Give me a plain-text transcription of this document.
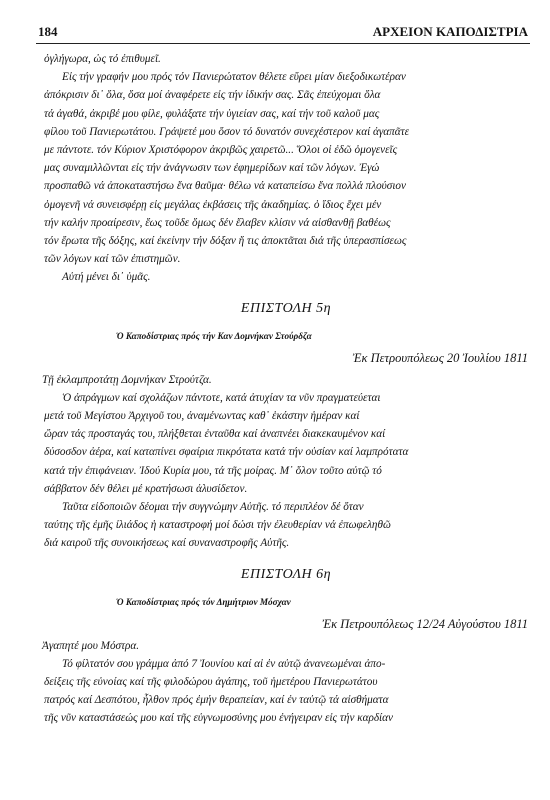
184	ΑΡΧΕΙΟΝ ΚΑΠΟΔΙΣΤΡΙΑ
ὀγλήγωρα, ὡς τό ἐπιθυμεῖ.
Εἰς τήν γραφήν μου πρός τόν Πανιερώτατον θέλετε εὕρει μίαν διεξοδικωτέραν
ἀπόκρισιν δι᾿ ὅλα, ὅσα μοί ἀναφέρετε εἰς τήν ἰδικήν σας. Σᾶς ἐπεύχομαι ὅλα
τά ἀγαθά, ἀκριβέ μου φίλε, φυλάξατε τήν ὑγιείαν σας, καί τήν τοῦ καλοῦ μας
φίλου τοῦ Πανιερωτάτου. Γράψετέ μου ὅσον τό δυνατόν συνεχέστερον καί ἀγαπᾶτε
με πάντοτε. τόν Κύριον Χριστόφορον ἀκριβῶς χαιρετῶ... Ὅλοι οἱ ἐδῶ ὁμογενεῖς
μας συναμιλλῶνται εἰς τήν ἀνάγνωσιν των ἐφημερίδων καί τῶν λόγων. Ἐγώ
προσπαθῶ νά ἀποκαταστήσω ἕνα θαῦμα· θέλω νά καταπείσω ἕνα πολλά πλούσιον
ὁμογενῆ νά συνεισφέρῃ εἰς μεγάλας ἐκβάσεις τῆς ἀκαδημίας. ὁ ἴδιος ἔχει μέν
τήν καλήν προαίρεσιν, ἕως τοῦδε ὅμως δέν ἔλαβεν κλίσιν νά αἰσθανθῇ βαθέως
τόν ἔρωτα τῆς δόξης, καί ἐκείνην τήν δόξαν ἥ τις ἀποκτᾶται διά τῆς ὑπερασπίσεως
τῶν λόγων καί τῶν ἐπιστημῶν.
Αὐτή μένει δι᾿ ὑμᾶς.
ΕΠΙΣΤΟΛΗ 5η
Ὁ Καποδίστριας πρός τήν Καν Δομνήκαν Στούρδζα
Ἐκ Πετρουπόλεως 20 Ἰουλίου 1811
Τῇ ἐκλαμπροτάτῃ Δομνήκαν Στρούτζα.
Ὁ ἀπράγμων καί σχολάζων πάντοτε, κατά ἀτυχίαν τα νῦν πραγματεύεται
μετά τοῦ Μεγίστου Ἀρχιγοῦ του, ἀναμένωντας καθ᾿ ἑκάστην ἡμέραν καί
ὥραν τάς προσταγάς του, πλήξθεται ἐνταῦθα καί ἀναπνέει διακεκαυμένον καί
δύσοσδον ἀέρα, καί καταπίνει σφαίρια πικρότατα κατά τήν οὐσίαν καί λαμπρότατα
κατά τήν ἐπιφάνειαν. Ἰδού Κυρία μου, τά τῆς μοίρας. Μ᾿ ὅλον τοῦτο αὐτῷ τό
σάββατον δέν θέλει μέ κρατήσωσι ἀλυσίδετον.
Ταῦτα εἰδοποιῶν δέομαι τήν συγγνώμην Αὐτῆς. τό περιπλέον δέ ὅταν
ταύτης τῆς ἐμῆς ἰλιάδος ἡ καταστροφή μοί δώσι τήν ἐλευθερίαν νά ἐπωφεληθῶ
διά καιροῦ τῆς συνοικήσεως καί συναναστροφῆς Αὐτῆς.
ΕΠΙΣΤΟΛΗ 6η
Ὁ Καποδίστριας πρός τόν Δημήτριον Μόσχαν
Ἐκ Πετρουπόλεως 12/24 Αὐγούστου 1811
Ἀγαπητέ μου Μόστρα.
Τό φίλτατόν σου γράμμα ἀπό 7 Ἰουνίου καί αἱ ἐν αὐτῷ ἀνανεωμέναι ἀπο-
δείξεις τῆς εὐνοίας καί τῆς φιλοδώρου ἀγάπης, τοῦ ἡμετέρου Πανιερωτάτου
πατρός καί Δεσπότου, ἦλθον πρός ἐμήν θεραπείαν, καί ἐν ταὐτῷ τά αἰσθήματα
τῆς νῦν καταστάσεώς μου καί τῆς εὐγνωμοσύνης μου ἐνήγειραν εἰς τήν καρδίαν
